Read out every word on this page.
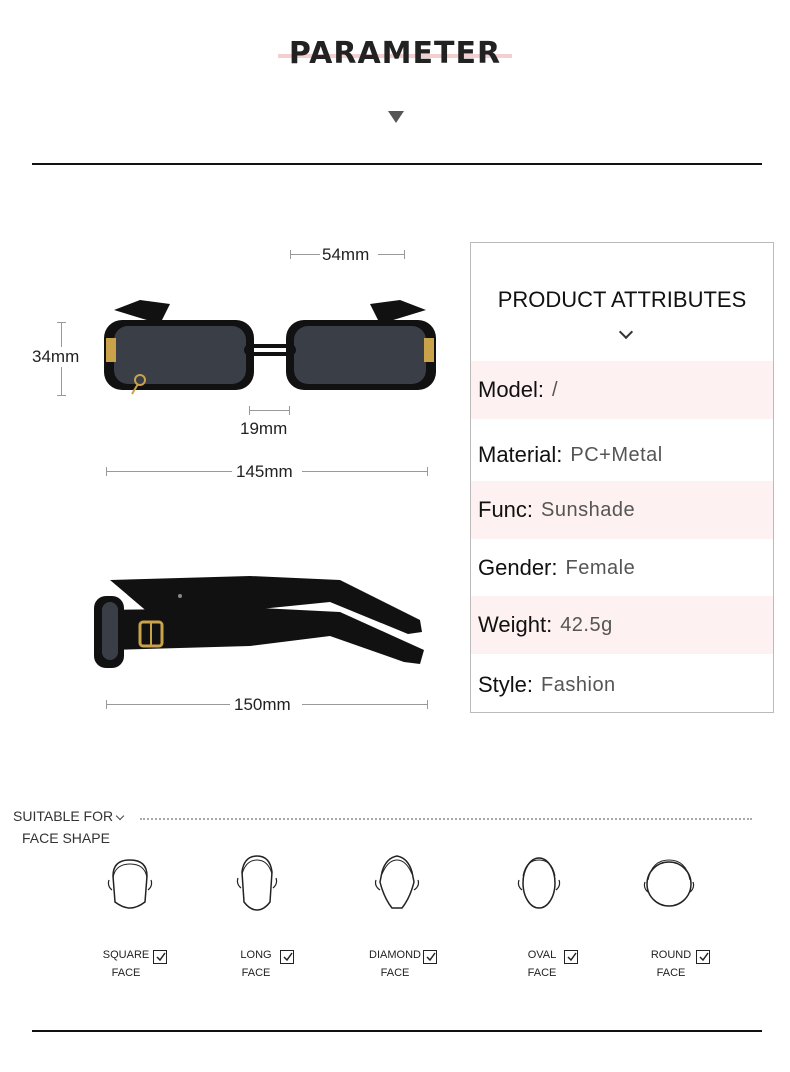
PARAMETER
54mm
34mm
19mm
145mm
150mm
PRODUCT ATTRIBUTES
Model: /
Material: PC+Metal
Func: Sunshade
Gender: Female
Weight: 42.5g
Style: Fashion
SUITABLE FOR
FACE SHAPE
SQUARE
FACE
LONG
FACE
DIAMOND
FACE
OVAL
FACE
ROUND
FACE
